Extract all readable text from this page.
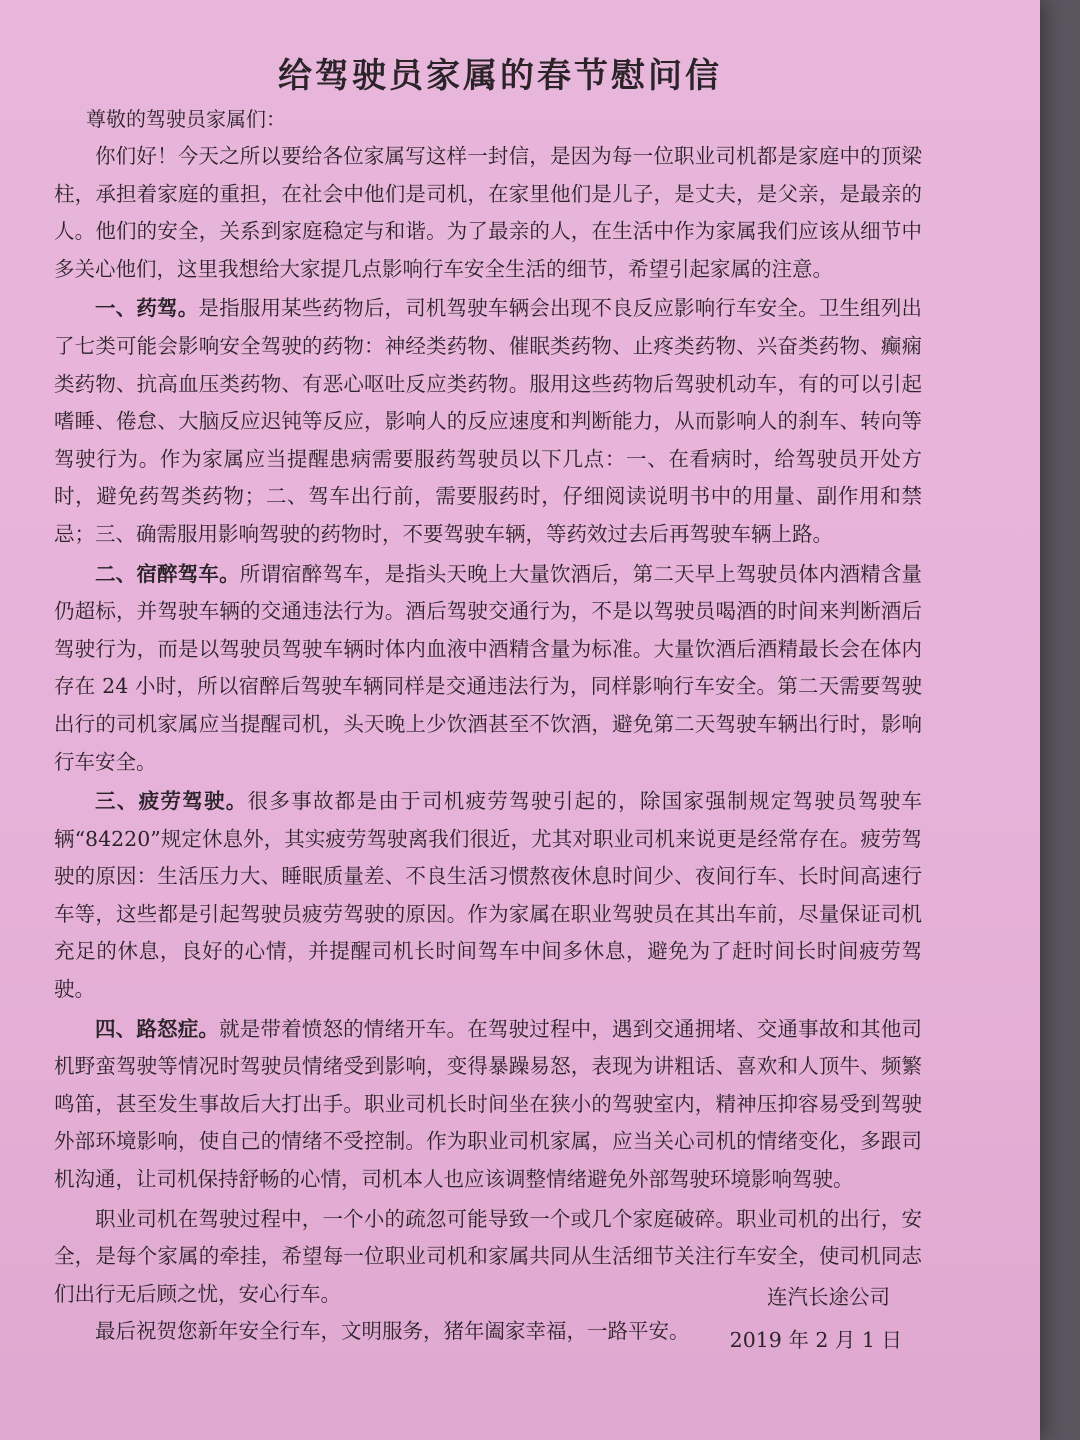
给驾驶员家属的春节慰问信
尊敬的驾驶员家属们：

你们好！今天之所以要给各位家属写这样一封信，是因为每一位职业司机都是家庭中的顶梁柱，承担着家庭的重担，在社会中他们是司机，在家里他们是儿子，是丈夫，是父亲，是最亲的人。他们的安全，关系到家庭稳定与和谐。为了最亲的人，在生活中作为家属我们应该从细节中多关心他们，这里我想给大家提几点影响行车安全生活的细节，希望引起家属的注意。

一、药驾。是指服用某些药物后，司机驾驶车辆会出现不良反应影响行车安全。卫生组列出了七类可能会影响安全驾驶的药物：神经类药物、催眠类药物、止疼类药物、兴奋类药物、癫痫类药物、抗高血压类药物、有恶心呕吐反应类药物。服用这些药物后驾驶机动车，有的可以引起嗜睡、倦怠、大脑反应迟钝等反应，影响人的反应速度和判断能力，从而影响人的刹车、转向等驾驶行为。作为家属应当提醒患病需要服药驾驶员以下几点：一、在看病时，给驾驶员开处方时，避免药驾类药物；二、驾车出行前，需要服药时，仔细阅读说明书中的用量、副作用和禁忌；三、确需服用影响驾驶的药物时，不要驾驶车辆，等药效过去后再驾驶车辆上路。

二、宿醉驾车。所谓宿醉驾车，是指头天晚上大量饮酒后，第二天早上驾驶员体内酒精含量仍超标，并驾驶车辆的交通违法行为。酒后驾驶交通行为，不是以驾驶员喝酒的时间来判断酒后驾驶行为，而是以驾驶员驾驶车辆时体内血液中酒精含量为标准。大量饮酒后酒精最长会在体内存在 24 小时，所以宿醉后驾驶车辆同样是交通违法行为，同样影响行车安全。第二天需要驾驶出行的司机家属应当提醒司机，头天晚上少饮酒甚至不饮酒，避免第二天驾驶车辆出行时，影响行车安全。

三、疲劳驾驶。很多事故都是由于司机疲劳驾驶引起的，除国家强制规定驾驶员驾驶车辆“84220”规定休息外，其实疲劳驾驶离我们很近，尤其对职业司机来说更是经常存在。疲劳驾驶的原因：生活压力大、睡眠质量差、不良生活习惯熬夜休息时间少、夜间行车、长时间高速行车等，这些都是引起驾驶员疲劳驾驶的原因。作为家属在职业驾驶员在其出车前，尽量保证司机充足的休息，良好的心情，并提醒司机长时间驾车中间多休息，避免为了赶时间长时间疲劳驾驶。

四、路怒症。就是带着愤怒的情绪开车。在驾驶过程中，遇到交通拥堵、交通事故和其他司机野蛮驾驶等情况时驾驶员情绪受到影响，变得暴躁易怒，表现为讲粗话、喜欢和人顶牛、频繁鸣笛，甚至发生事故后大打出手。职业司机长时间坐在狭小的驾驶室内，精神压抑容易受到驾驶外部环境影响，使自己的情绪不受控制。作为职业司机家属，应当关心司机的情绪变化，多跟司机沟通，让司机保持舒畅的心情，司机本人也应该调整情绪避免外部驾驶环境影响驾驶。

职业司机在驾驶过程中，一个小的疏忽可能导致一个或几个家庭破碎。职业司机的出行，安全，是每个家属的牵挂，希望每一位职业司机和家属共同从生活细节关注行车安全，使司机同志们出行无后顾之忧，安心行车。

最后祝贺您新年安全行车，文明服务，猪年阖家幸福，一路平安。

连汽长途公司
2019 年 2 月 1 日
